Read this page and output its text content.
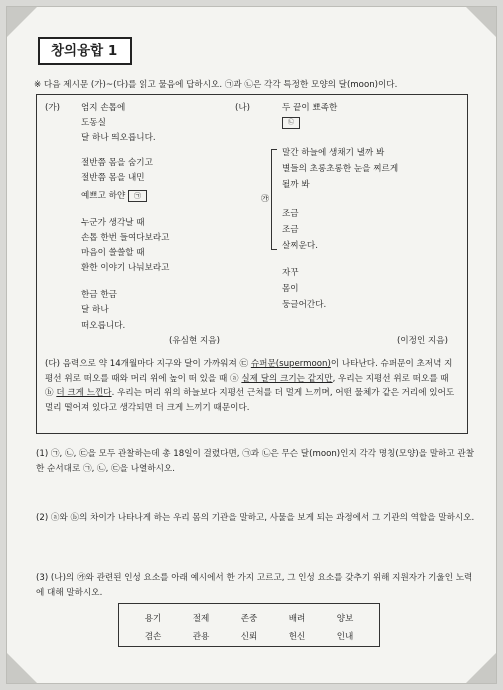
창의융합 1
※ 다음 제시문 (가)~(다)를 읽고 물음에 답하시오. ㉠과 ㉡은 각각 특정한 모양의 달(moon)이다.
(가) 엄지 손톱에
도동실
달 하나 띄오릅니다.
절반쯤 몸을 숨기고
절반쯤 몸을 내민
예쁘고 하얀 ㉠
누군가 생각날 때
손톱 한번 들여다보라고
마음이 쓸쓸할 때
환한 이야기 나눠보라고
한금 한금
달 하나
떠오릅니다.
(유심현 지음)
(나)	두 끝이 뾰족한
㉡
말간 하늘에 생채기 낼까 봐
별들의 초롱초롱한 눈을 찌르게
될까 봐
조금
조금
살찌운다.
자꾸
몸이
둥글어간다.
(이정인 지음)
㉮
(다) 음력으로 약 14개월마다 지구와 달이 가까워져 ㉢ 슈퍼문(supermoon)이 나타난다. 슈퍼문이 초저녁 지평선 위로 떠오를 때와 머리 위에 높이 떠 있을 때 ⓐ 실제 달의 크기는 같지만, 우리는 지평선 위로 떠오를 때 ⓑ 더 크게 느낀다. 우리는 머리 위의 하늘보다 지평선 근처를 더 멀게 느끼며, 어떤 물체가 같은 거리에 있어도 멀리 떨어져 있다고 생각되면 더 크게 느끼기 때문이다.
(1) ㉠, ㉡, ㉢을 모두 관찰하는데 총 18일이 걸렸다면, ㉠과 ㉡은 무슨 달(moon)인지 각각 명칭(모양)을 말하고 관찰한 순서대로 ㉠, ㉡, ㉢을 나열하시오.
(2) ⓐ와 ⓑ의 차이가 나타나게 하는 우리 몸의 기관을 말하고, 사물을 보게 되는 과정에서 그 기관의 역할을 말하시오.
(3) (나)의 ㉮와 관련된 인성 요소를 아래 예시에서 한 가지 고르고, 그 인성 요소를 갖추기 위해 지원자가 기울인 노력에 대해 말하시오.
용기	절제	존중	배려	양보
겸손	관용	신뢰	헌신	인내
